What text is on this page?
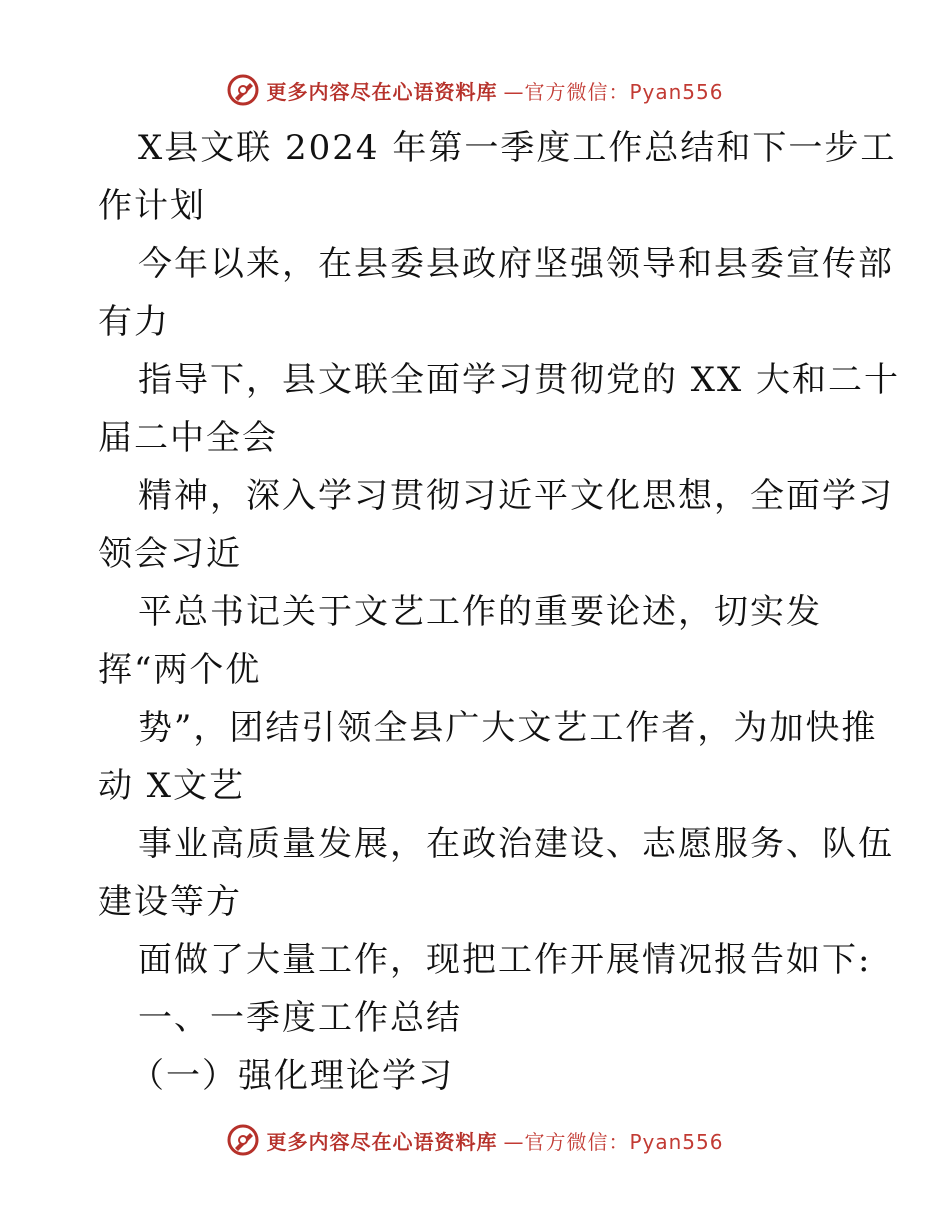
更多内容尽在心语资料库 —官方微信：Pyan556
X县文联 2024 年第一季度工作总结和下一步工
作计划
今年以来，在县委县政府坚强领导和县委宣传部
有力
指导下，县文联全面学习贯彻党的 XX 大和二十
届二中全会
精神，深入学习贯彻习近平文化思想，全面学习
领会习近
平总书记关于文艺工作的重要论述，切实发
挥“两个优
势”，团结引领全县广大文艺工作者，为加快推
动 X文艺
事业高质量发展，在政治建设、志愿服务、队伍
建设等方
面做了大量工作，现把工作开展情况报告如下:
一、一季度工作总结
（一）强化理论学习
更多内容尽在心语资料库 —官方微信：Pyan556
